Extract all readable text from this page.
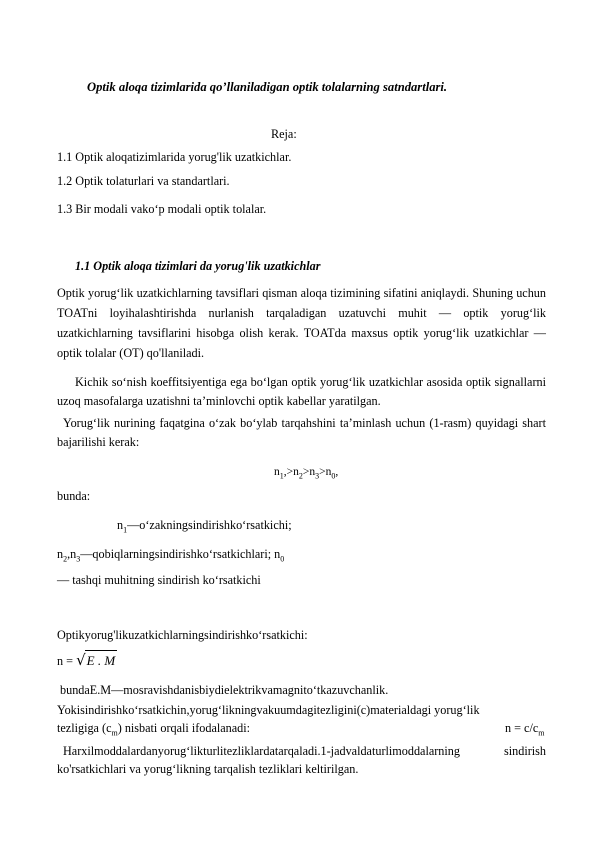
Optik aloqa tizimlarida qo’llaniladigan optik tolalarning satndartlari.
Reja:
1.1 Optik aloqatizimlarida yorug'lik uzatkichlar.
1.2 Optik tolaturlari va standartlari.
1.3 Bir modali vako‘p modali optik tolalar.
1.1 Optik aloqa tizimlari da yorug'lik uzatkichlar
Optik yorug‘lik uzatkichlarning tavsiflari qisman aloqa tizimining sifatini aniqlaydi. Shuning uchun TOATni loyihalashtirishda nurlanish tarqaladigan uzatuvchi muhit — optik yorug‘lik uzatkichlarning tavsiflarini hisobga olish kerak. TOATda maxsus optik yorug‘lik uzatkichlar — optik tolalar (OT) qo'llaniladi.
Kichik so‘nish koeffitsiyentiga ega bo‘lgan optik yorug‘lik uzatkichlar asosida optik signallarni uzoq masofalarga uzatishni ta’minlovchi optik kabellar yaratilgan.
Yorug‘lik nurining faqatgina o‘zak bo‘ylab tarqahshini ta’minlash uchun (1-rasm) quyidagi shart bajarilishi kerak:
$n_1,>n_2>n_3>n_0$,
bunda:
$n_1—o‘zakningsindirishko‘rsatkichi$;
$n_2,n_3—qobiqlarningsindirishko‘rsatkichlari$; $n_0$
— tashqi muhitning sindirish ko‘rsatkichi
Optikyorug'likuzatkichlarningsindirishko‘rsatkichi:
n = √E . M
bundaE.M—mosravishdanisbiydielektrikvamagnito‘tkazuvchanlik.
Yokisindirishko‘rsatkichin,yorug‘likningvakuumdagitezligini(c)materialdagi yorug‘lik
tezligiga $(c_m)$ nisbati orqali ifodalanadi:	$n = c/c_m$
Harxilmoddalardanyorug‘likturlitezliklardatarqaladi.1-jadvaldaturlimoddalarning sindirish ko'rsatkichlari va yorug‘likning tarqalish tezliklari keltirilgan.
